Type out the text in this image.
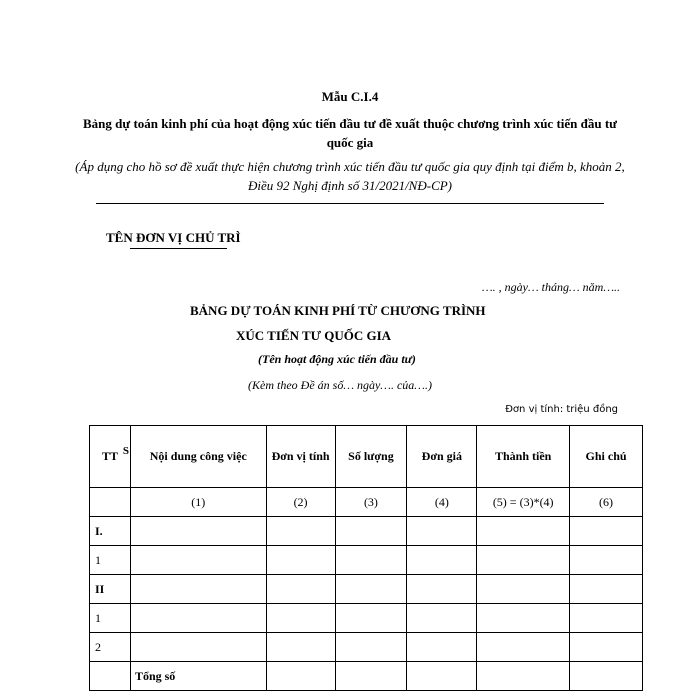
Mẫu C.I.4
Bảng dự toán kinh phí của hoạt động xúc tiến đầu tư đề xuất thuộc chương trình xúc tiến đầu tư quốc gia
(Áp dụng cho hồ sơ đề xuất thực hiện chương trình xúc tiến đầu tư quốc gia quy định tại điểm b, khoản 2, Điều 92 Nghị định số 31/2021/NĐ-CP)
TÊN ĐƠN VỊ CHỦ TRÌ
…. , ngày… tháng… năm…..
BẢNG DỰ TOÁN KINH PHÍ TỪ CHƯƠNG TRÌNH
XÚC TIẾN TƯ QUỐC GIA
(Tên hoạt động xúc tiến đầu tư)
(Kèm theo Đề án số… ngày…. của….)
Đơn vị tính: triệu đồng
S
TT	Nội dung công việc	Đơn vị tính	Số lượng	Đơn giá	Thành tiền	Ghi chú
	(1)	(2)	(3)	(4)	(5) = (3)*(4)	(6)
I.						
1						
II						
1						
2						
	Tổng số					
